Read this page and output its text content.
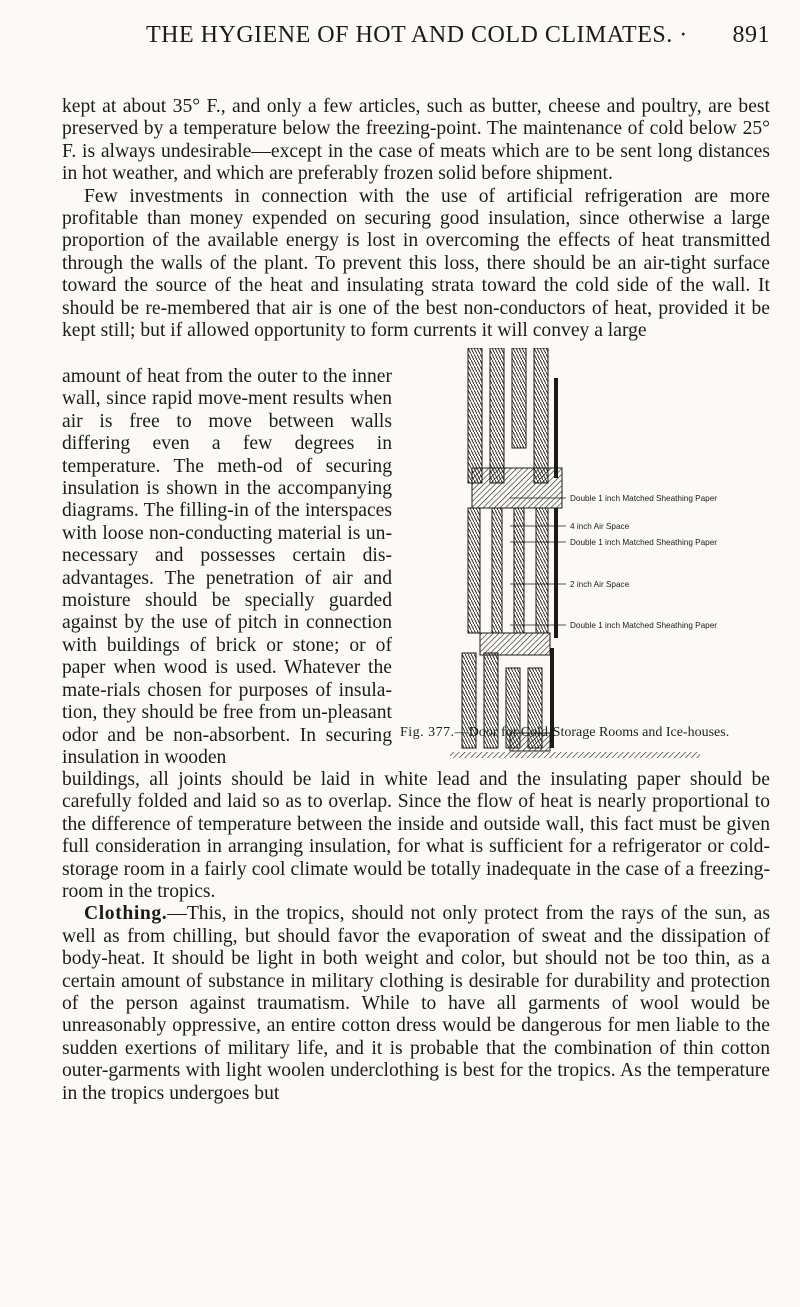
THE HYGIENE OF HOT AND COLD CLIMATES. · 891

kept at about 35° F., and only a few articles, such as butter, cheese and poultry, are best preserved by a temperature below the freezing-point. The maintenance of cold below 25° F. is always undesirable—except in the case of meats which are to be sent long distances in hot weather, and which are preferably frozen solid before shipment.

Few investments in connection with the use of artificial refrigeration are more profitable than money expended on securing good insulation, since otherwise a large proportion of the available energy is lost in overcoming the effects of heat transmitted through the walls of the plant. To prevent this loss, there should be an air-tight surface toward the source of the heat and insulating strata toward the cold side of the wall. It should be re-membered that air is one of the best non-conductors of heat, provided it be kept still; but if allowed opportunity to form currents it will convey a large

amount of heat from the outer to the inner wall, since rapid move-ment results when air is free to move between walls differing even a few degrees in temperature. The meth-od of securing insulation is shown in the accompanying diagrams. The filling-in of the interspaces with loose non-conducting material is un-necessary and possesses certain dis-advantages. The penetration of air and moisture should be specially guarded against by the use of pitch in connection with buildings of brick or stone; or of paper when wood is used. Whatever the mate-rials chosen for purposes of insula-tion, they should be free from un-pleasant odor and be non-absorbent. In securing insulation in wooden

Double 1 inch Matched Sheathing Paper
4 inch Air Space
Double 1 inch Matched Sheathing Paper
2 inch Air Space
Double 1 inch Matched Sheathing Paper
Fig. 377.—Door for Cold-Storage Rooms and Ice-houses.

buildings, all joints should be laid in white lead and the insulating paper should be carefully folded and laid so as to overlap. Since the flow of heat is nearly proportional to the difference of temperature between the inside and outside wall, this fact must be given full consideration in arranging insulation, for what is sufficient for a refrigerator or cold-storage room in a fairly cool climate would be totally inadequate in the case of a freezing-room in the tropics.

Clothing.—This, in the tropics, should not only protect from the rays of the sun, as well as from chilling, but should favor the evaporation of sweat and the dissipation of body-heat. It should be light in both weight and color, but should not be too thin, as a certain amount of substance in military clothing is desirable for durability and protection of the person against traumatism. While to have all garments of wool would be unreasonably oppressive, an entire cotton dress would be dangerous for men liable to the sudden exertions of military life, and it is probable that the combination of thin cotton outer-garments with light woolen underclothing is best for the tropics. As the temperature in the tropics undergoes but
